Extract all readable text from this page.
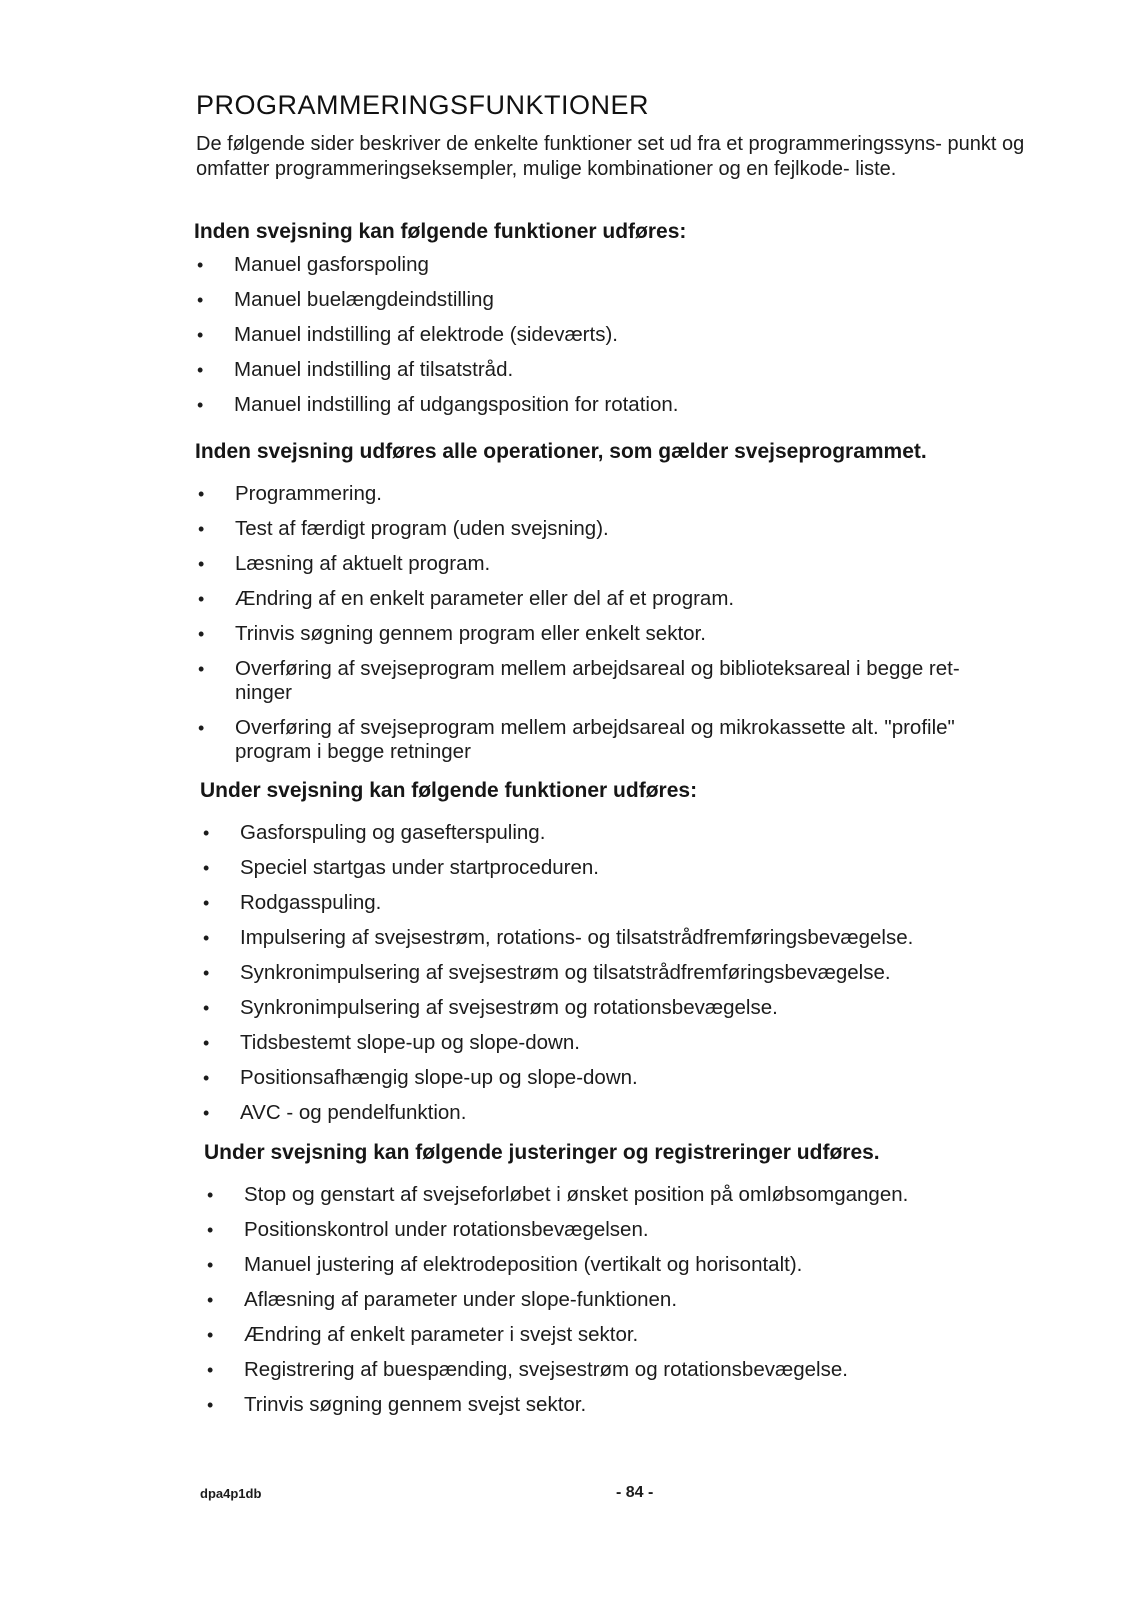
PROGRAMMERINGSFUNKTIONER

De følgende sider beskriver de enkelte funktioner set ud fra et programmeringssyns- punkt og omfatter programmeringseksempler, mulige kombinationer og en fejlkode- liste.

Inden svejsning kan følgende funktioner udføres:
• Manuel gasforspoling
• Manuel buelængdeindstilling
• Manuel indstilling af elektrode (sideværts).
• Manuel indstilling af tilsatstråd.
• Manuel indstilling af udgangsposition for rotation.
Inden svejsning udføres alle operationer, som gælder svejseprogrammet.
• Programmering.
• Test af færdigt program (uden svejsning).
• Læsning af aktuelt program.
• Ændring af en enkelt parameter eller del af et program.
• Trinvis søgning gennem program eller enkelt sektor.
• Overføring af svejseprogram mellem arbejdsareal og biblioteksareal i begge ret- ninger
• Overføring af svejseprogram mellem arbejdsareal og mikrokassette alt. "profile" program i begge retninger
Under svejsning kan følgende funktioner udføres:
• Gasforspuling og gasefterspuling.
• Speciel startgas under startproceduren.
• Rodgasspuling.
• Impulsering af svejsestrøm, rotations- og tilsatstrådfremføringsbevægelse.
• Synkronimpulsering af svejsestrøm og tilsatstrådfremføringsbevægelse.
• Synkronimpulsering af svejsestrøm og rotationsbevægelse.
• Tidsbestemt slope-up og slope-down.
• Positionsafhængig slope-up og slope-down.
• AVC - og pendelfunktion.
Under svejsning kan følgende justeringer og registreringer udføres.
• Stop og genstart af svejseforløbet i ønsket position på omløbsomgangen.
• Positionskontrol under rotationsbevægelsen.
• Manuel justering af elektrodeposition (vertikalt og horisontalt).
• Aflæsning af parameter under slope-funktionen.
• Ændring af enkelt parameter i svejst sektor.
• Registrering af buespænding, svejsestrøm og rotationsbevægelse.
• Trinvis søgning gennem svejst sektor.
dpa4p1db	- 84 -
